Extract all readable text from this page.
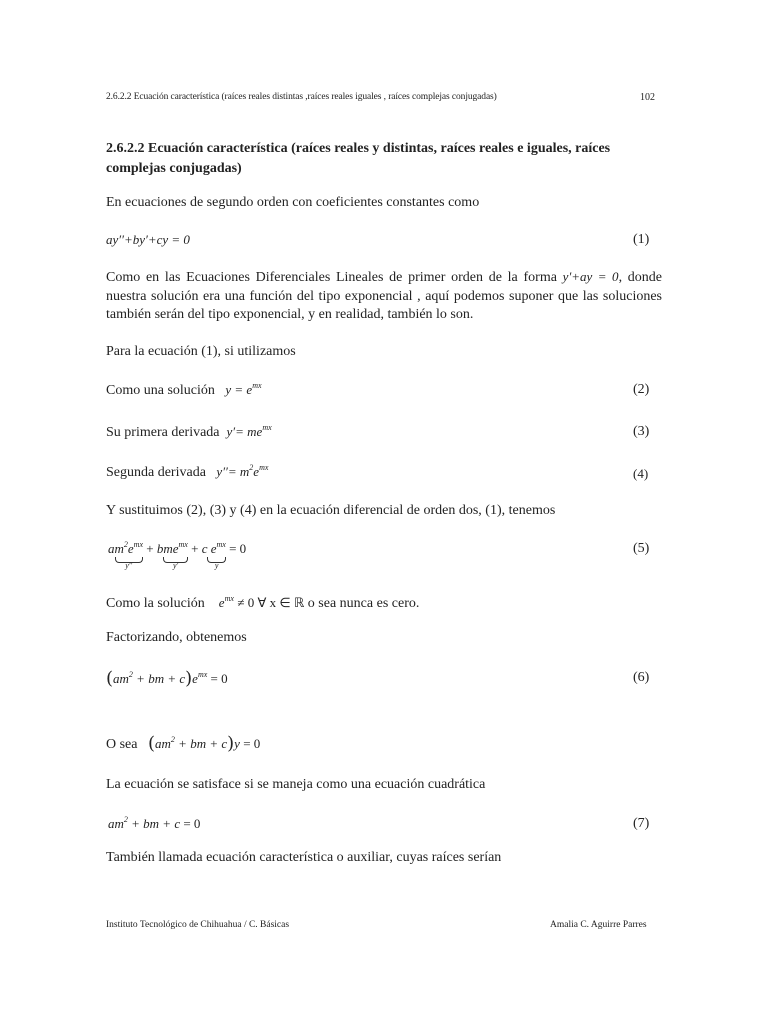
2.6.2.2 Ecuación característica (raíces reales distintas ,raíces reales iguales , raíces complejas conjugadas)	102
2.6.2.2 Ecuación característica (raíces reales y distintas, raíces reales e iguales, raíces complejas conjugadas)
En ecuaciones de segundo orden con coeficientes constantes como
ay′′+by′+cy = 0	(1)
Como en las Ecuaciones Diferenciales Lineales de primer orden de la forma y′+ay = 0, donde nuestra solución era una función del tipo exponencial , aquí podemos suponer que las soluciones también serán del tipo exponencial, y en realidad, también lo son.
Para la ecuación (1), si utilizamos
Como una solución $y = e^{mx}$	(2)
Su primera derivada $y'= me^{mx}$	(3)
Segunda derivada $y''= m^2e^{mx}$	(4)
Y sustituimos (2), (3) y (4) en la ecuación diferencial de orden dos, (1), tenemos
$am^2e^{mx}$
y′′
+ bme$^{mx}$
y′
+ c $e^{mx}$
y
= 0	(5)
Como la solución $e^{mx} \ne 0$ ∀ x ∈ ℝ o sea nunca es cero.
Factorizando, obtenemos
($am^2$ + bm + $c)e^{mx} = 0$	(6)
O sea ($am^2$ + bm + c)y = 0
La ecuación se satisface si se maneja como una ecuación cuadrática
$am^2$ + bm + c = 0	(7)
También llamada ecuación característica o auxiliar, cuyas raíces serían
Instituto Tecnológico de Chihuahua / C. Básicas	Amalia C. Aguirre Parres
